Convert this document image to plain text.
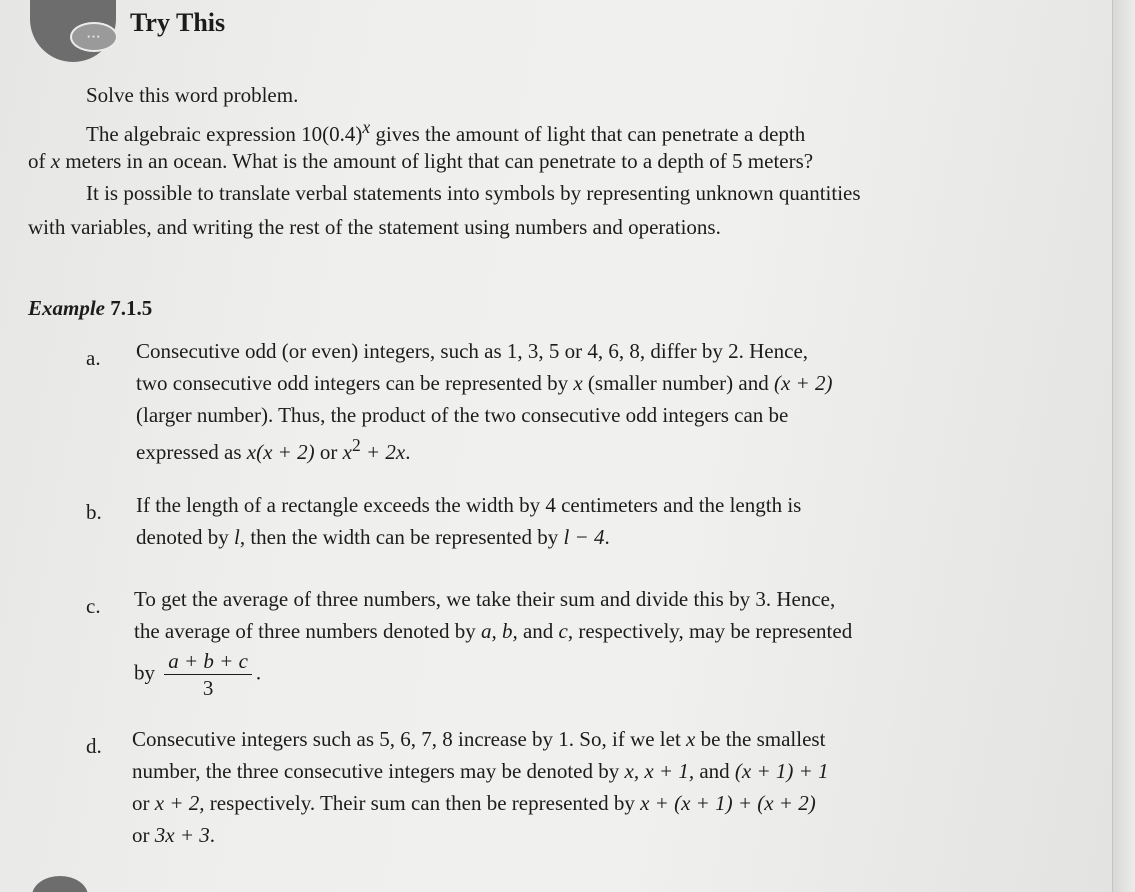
···	Try This
Solve this word problem.
The algebraic expression $10(0.4)^x$ gives the amount of light that can penetrate a depth
of x meters in an ocean. What is the amount of light that can penetrate to a depth of 5 meters?
It is possible to translate verbal statements into symbols by representing unknown quantities
with variables, and writing the rest of the statement using numbers and operations.
Example 7.1.5
a. Consecutive odd (or even) integers, such as 1, 3, 5 or 4, 6, 8, differ by 2. Hence,
two consecutive odd integers can be represented by x (smaller number) and (x + 2)
(larger number). Thus, the product of the two consecutive odd integers can be
expressed as x(x + 2) or $x^2 + 2x$.
b. If the length of a rectangle exceeds the width by 4 centimeters and the length is
denoted by l, then the width can be represented by l − 4.
c. To get the average of three numbers, we take their sum and divide this by 3. Hence,
the average of three numbers denoted by a, b, and c, respectively, may be represented
by $\frac{a + b + c}{3}$ .
d. Consecutive integers such as 5, 6, 7, 8 increase by 1. So, if we let x be the smallest
number, the three consecutive integers may be denoted by x, x + 1, and (x + 1) + 1
or x + 2, respectively. Their sum can then be represented by x + (x + 1) + (x + 2)
or 3x + 3.
